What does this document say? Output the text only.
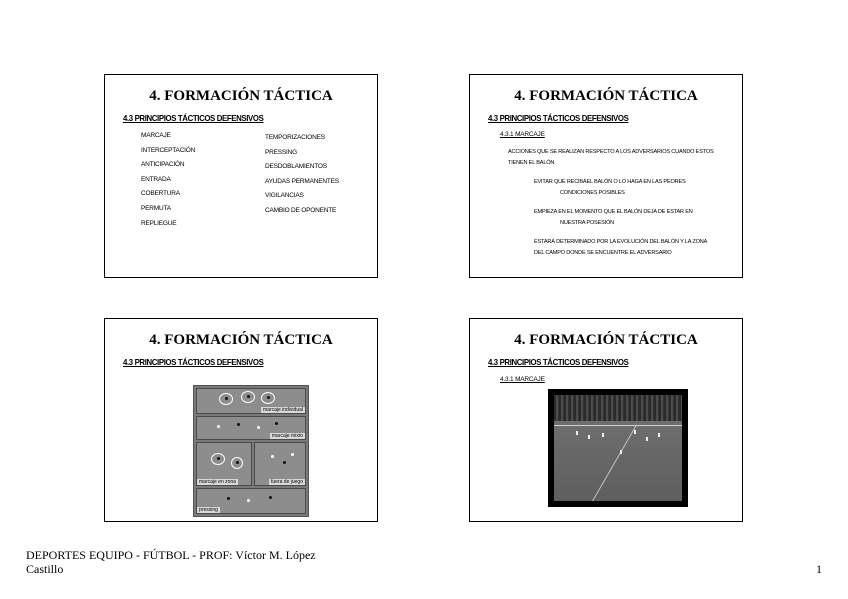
4. FORMACIÓN TÁCTICA
4.3 PRINCIPIOS TÁCTICOS DEFENSIVOS
MARCAJE
INTERCEPTACIÓN
ANTICIPACIÓN
ENTRADA
COBERTURA
PERMUTA
REPLIEGUE
TEMPORIZACIONES
PRESSING
DESDOBLAMIENTOS
AYUDAS PERMANENTES
VIGILANCIAS
CAMBIO DE OPONENTE
4. FORMACIÓN TÁCTICA
4.3 PRINCIPIOS TÁCTICOS DEFENSIVOS
4.3.1 MARCAJE
ACCIONES QUE SE REALIZAN RESPECTO A LOS ADVERSARIOS CUANDO ESTOS
TIENEN EL BALÓN
EVITAR QUE RECIBAEL BALÓN O LO HAGA EN LAS PEORES
CONDICIONES POSIBLES
EMPIEZA EN EL MOMENTO QUE EL BALÓN DEJA DE ESTAR EN
NUESTRA POSESIÓN
ESTARÁ DETERMINADO POR LA EVOLUCIÓN DEL BALÓN Y LA ZONA
DEL CAMPO DONDE SE ENCUENTRE EL ADVERSARIO
4. FORMACIÓN TÁCTICA
4.3 PRINCIPIOS TÁCTICOS DEFENSIVOS
marcaje individual
marcaje mixto
marcaje en zona	fuera de juego
pressing
4. FORMACIÓN TÁCTICA
4.3 PRINCIPIOS TÁCTICOS DEFENSIVOS
4.3.1 MARCAJE
DEPORTES EQUIPO - FÚTBOL - PROF: Víctor M. López
Castillo	1
